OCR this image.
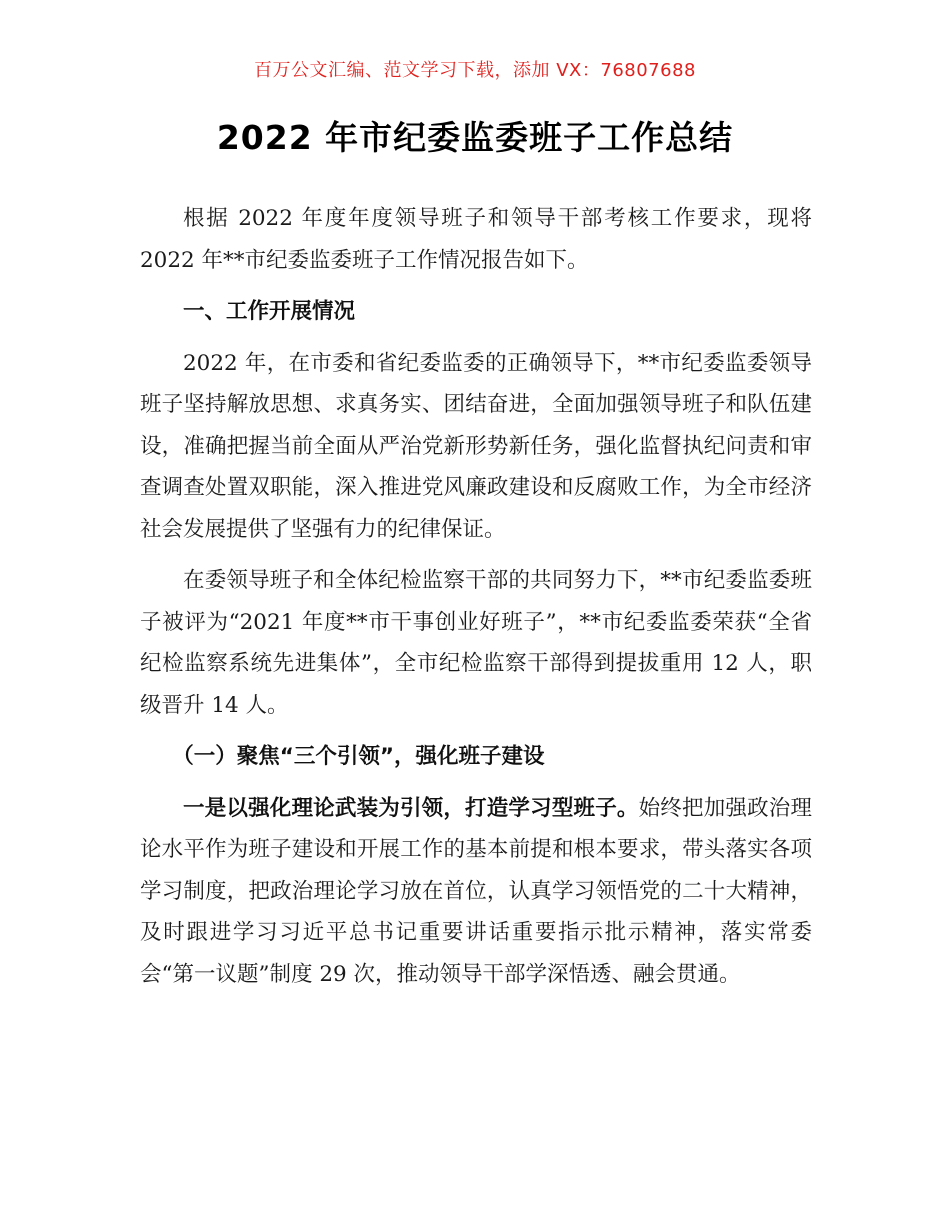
百万公文汇编、范文学习下载，添加 VX：76807688
2022 年市纪委监委班子工作总结

根据 2022 年度年度领导班子和领导干部考核工作要求，现将 2022 年**市纪委监委班子工作情况报告如下。

一、工作开展情况

2022 年，在市委和省纪委监委的正确领导下，**市纪委监委领导班子坚持解放思想、求真务实、团结奋进，全面加强领导班子和队伍建设，准确把握当前全面从严治党新形势新任务，强化监督执纪问责和审查调查处置双职能，深入推进党风廉政建设和反腐败工作，为全市经济社会发展提供了坚强有力的纪律保证。

在委领导班子和全体纪检监察干部的共同努力下，**市纪委监委班子被评为“2021 年度**市干事创业好班子”，**市纪委监委荣获“全省纪检监察系统先进集体”，全市纪检监察干部得到提拔重用 12 人，职级晋升 14 人。

（一）聚焦“三个引领”，强化班子建设

一是以强化理论武装为引领，打造学习型班子。始终把加强政治理论水平作为班子建设和开展工作的基本前提和根本要求，带头落实各项学习制度，把政治理论学习放在首位，认真学习领悟党的二十大精神，及时跟进学习习近平总书记重要讲话重要指示批示精神，落实常委会“第一议题”制度 29 次，推动领导干部学深悟透、融会贯通。
